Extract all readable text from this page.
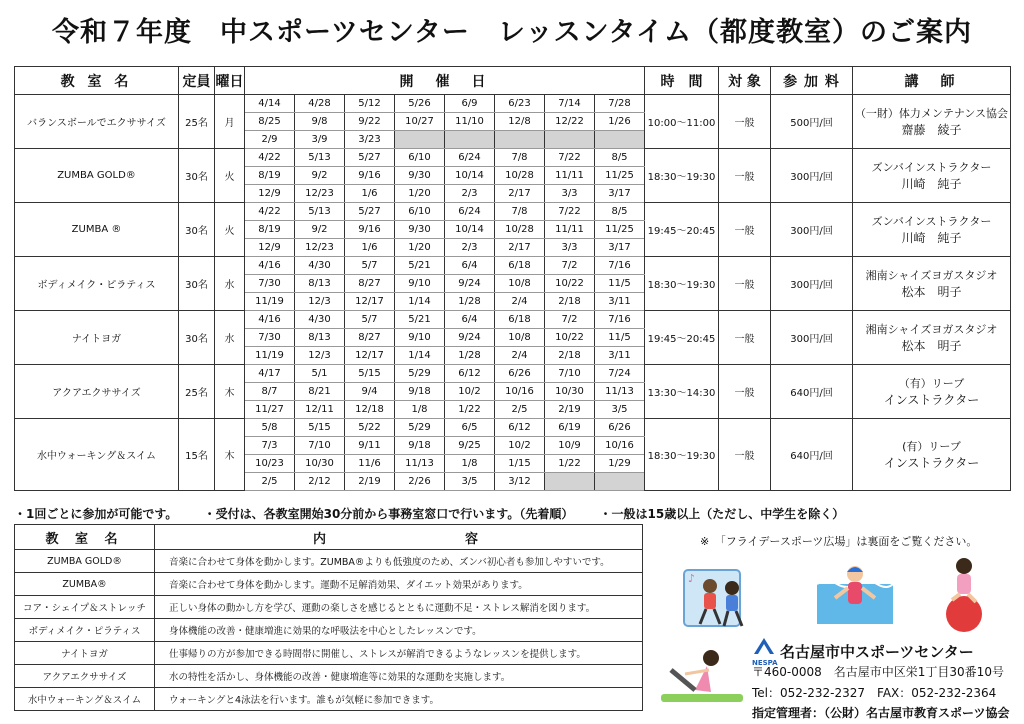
令和７年度　中スポーツセンター　レッスンタイム（都度教室）のご案内
教 室 名	定員	曜日	開　催　日								時　間	対 象	参 加 料	講　師
バランスボールでエクササイズ	25名	月	4/14	4/28	5/12	5/26	6/9	6/23	7/14	7/28	10:00～11:00	一般	500円/回	（一財）体力メンテナンス協会
齋藤　綾子

			8/25	9/8	9/22	10/27	11/10	12/8	12/22	1/26				
			2/9	3/9	3/23									
ZUMBA GOLD®	30名	火	4/22	5/13	5/27	6/10	6/24	7/8	7/22	8/5	18:30～19:30	一般	300円/回	ズンバインストラクター
川崎　純子

			8/19	9/2	9/16	9/30	10/14	10/28	11/11	11/25				
			12/9	12/23	1/6	1/20	2/3	2/17	3/3	3/17				
ZUMBA ®	30名	火	4/22	5/13	5/27	6/10	6/24	7/8	7/22	8/5	19:45～20:45	一般	300円/回	ズンバインストラクター
川崎　純子

			8/19	9/2	9/16	9/30	10/14	10/28	11/11	11/25				
			12/9	12/23	1/6	1/20	2/3	2/17	3/3	3/17				
ボディメイク・ピラティス	30名	水	4/16	4/30	5/7	5/21	6/4	6/18	7/2	7/16	18:30～19:30	一般	300円/回	湘南シャイズヨガスタジオ
松本　明子

			7/30	8/13	8/27	9/10	9/24	10/8	10/22	11/5				
			11/19	12/3	12/17	1/14	1/28	2/4	2/18	3/11				
ナイトヨガ	30名	水	4/16	4/30	5/7	5/21	6/4	6/18	7/2	7/16	19:45～20:45	一般	300円/回	湘南シャイズヨガスタジオ
松本　明子

			7/30	8/13	8/27	9/10	9/24	10/8	10/22	11/5				
			11/19	12/3	12/17	1/14	1/28	2/4	2/18	3/11				
アクアエクササイズ	25名	木	4/17	5/1	5/15	5/29	6/12	6/26	7/10	7/24	13:30～14:30	一般	640円/回	（有）リーブ
インストラクター

			8/7	8/21	9/4	9/18	10/2	10/16	10/30	11/13				
			11/27	12/11	12/18	1/8	1/22	2/5	2/19	3/5				
水中ウォーキング＆スイム	15名	木	5/8	5/15	5/22	5/29	6/5	6/12	6/19	6/26	18:30～19:30	一般	640円/回	(有）リーブ
インストラクター

			7/3	7/10	9/11	9/18	9/25	10/2	10/9	10/16				
			10/23	10/30	11/6	11/13	1/8	1/15	1/22	1/29				
			2/5	2/12	2/19	2/26	3/5	3/12						
・1回ごとに参加が可能です。 ・受付は、各教室開始30分前から事務室窓口で行います。（先着順） ・一般は15歳以上（ただし、中学生を除く）
教 室 名	内　　　　　　　容
ZUMBA GOLD®	音楽に合わせて身体を動かします。ZUMBA®よりも低強度のため、ズンバ初心者も参加しやすいです。
ZUMBA®	音楽に合わせて身体を動かします。運動不足解消効果、ダイエット効果があります。
コア・シェイプ＆ストレッチ	正しい身体の動かし方を学び、運動の楽しさを感じるとともに運動不足・ストレス解消を図ります。
ボディメイク・ピラティス	身体機能の改善・健康増進に効果的な呼吸法を中心としたレッスンです。
ナイトヨガ	仕事帰りの方が参加できる時間帯に開催し、ストレスが解消できるようなレッスンを提供します。
アクアエクササイズ	水の特性を活かし、身体機能の改善・健康増進等に効果的な運動を実施します。
水中ウォーキング＆スイム	ウォーキングと4泳法を行います。誰もが気軽に参加できます。
※　「フライデースポーツ広場」は裏面をご覧ください。
♪
NESPA
名古屋市中スポーツセンター
〒460-0008　名古屋市中区栄1丁目30番10号
Tel：052-232-2327　FAX：052-232-2364
指定管理者：（公財）名古屋市教育スポーツ協会
